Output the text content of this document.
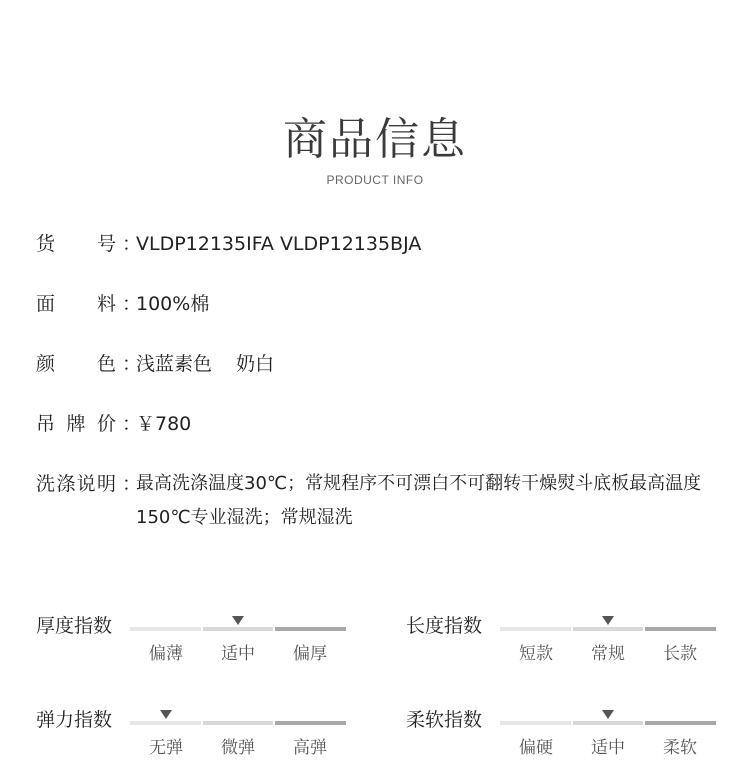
商品信息
PRODUCT INFO
货 号 ：
VLDP12135IFA VLDP12135BJA
面 料 ：
100%棉
颜 色 ：
浅蓝素色    奶白
吊 牌 价 ：
￥780
洗 涤 说 明 ：
最高洗涤温度30℃；常规程序不可漂白不可翻转干燥熨斗底板最高温度150℃专业湿洗；常规湿洗
厚度指数
偏薄	适中	偏厚
长度指数
短款	常规	长款
弹力指数
无弹	微弹	高弹
柔软指数
偏硬	适中	柔软
